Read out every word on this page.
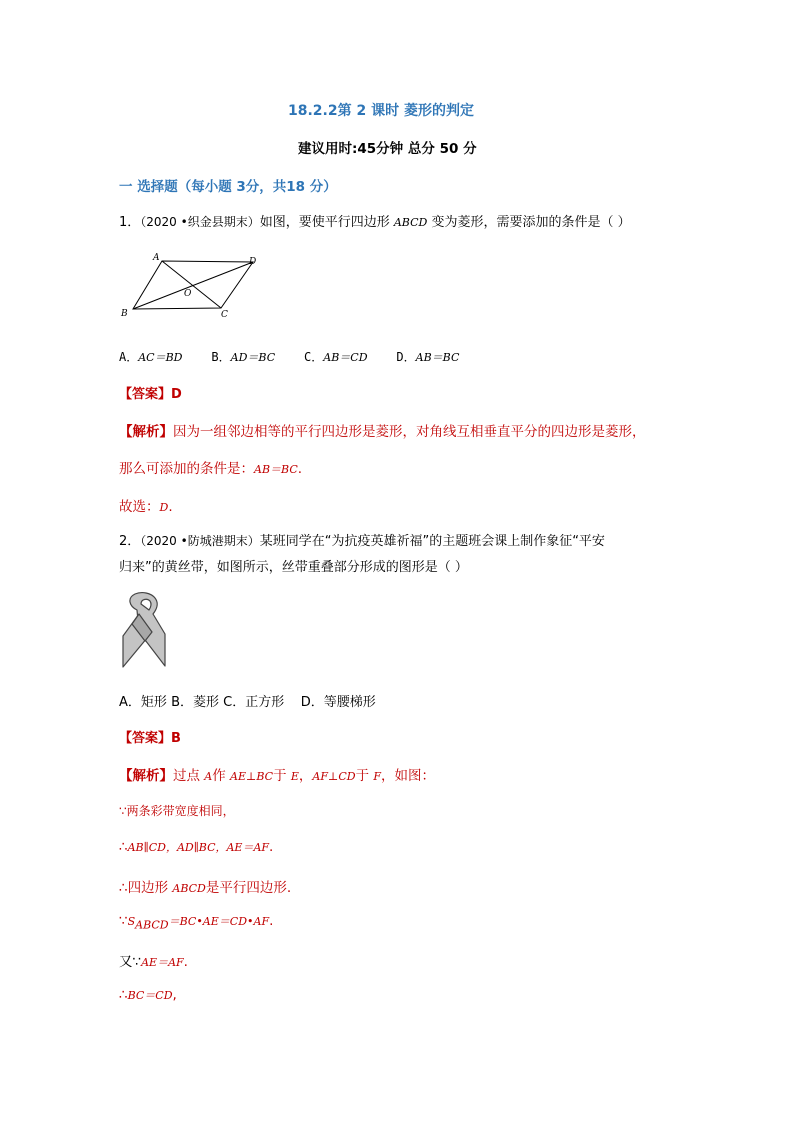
18.2.2第 2 课时 菱形的判定
建议用时:45分钟 总分 50 分
一 选择题（每小题 3分，共18 分）
1．（2020 •织金县期末）如图，要使平行四边形 ABCD 变为菱形，需要添加的条件是（ ）
A	D
O
B	C
A．AC＝BD B．AD＝BC C．AB＝CD D．AB＝BC
【答案】D
【解析】因为一组邻边相等的平行四边形是菱形，对角线互相垂直平分的四边形是菱形，
那么可添加的条件是：AB＝BC.
故选：D.
2．（2020 •防城港期末）某班同学在“为抗疫英雄祈福”的主题班会课上制作象征“平安
归来”的黄丝带，如图所示，丝带重叠部分形成的图形是（ ）
A．矩形 B．菱形 C．正方形 D．等腰梯形
【答案】B
【解析】过点 A作 AE⊥BC于 E，AF⊥CD于 F，如图：
∵两条彩带宽度相同，
∴AB∥CD，AD∥BC，AE＝AF.
∴四边形 ABCD是平行四边形.
$\because S_{ABCD}=BC•AE=CD•AF$.
又∵AE＝AF.
∴BC＝CD,
